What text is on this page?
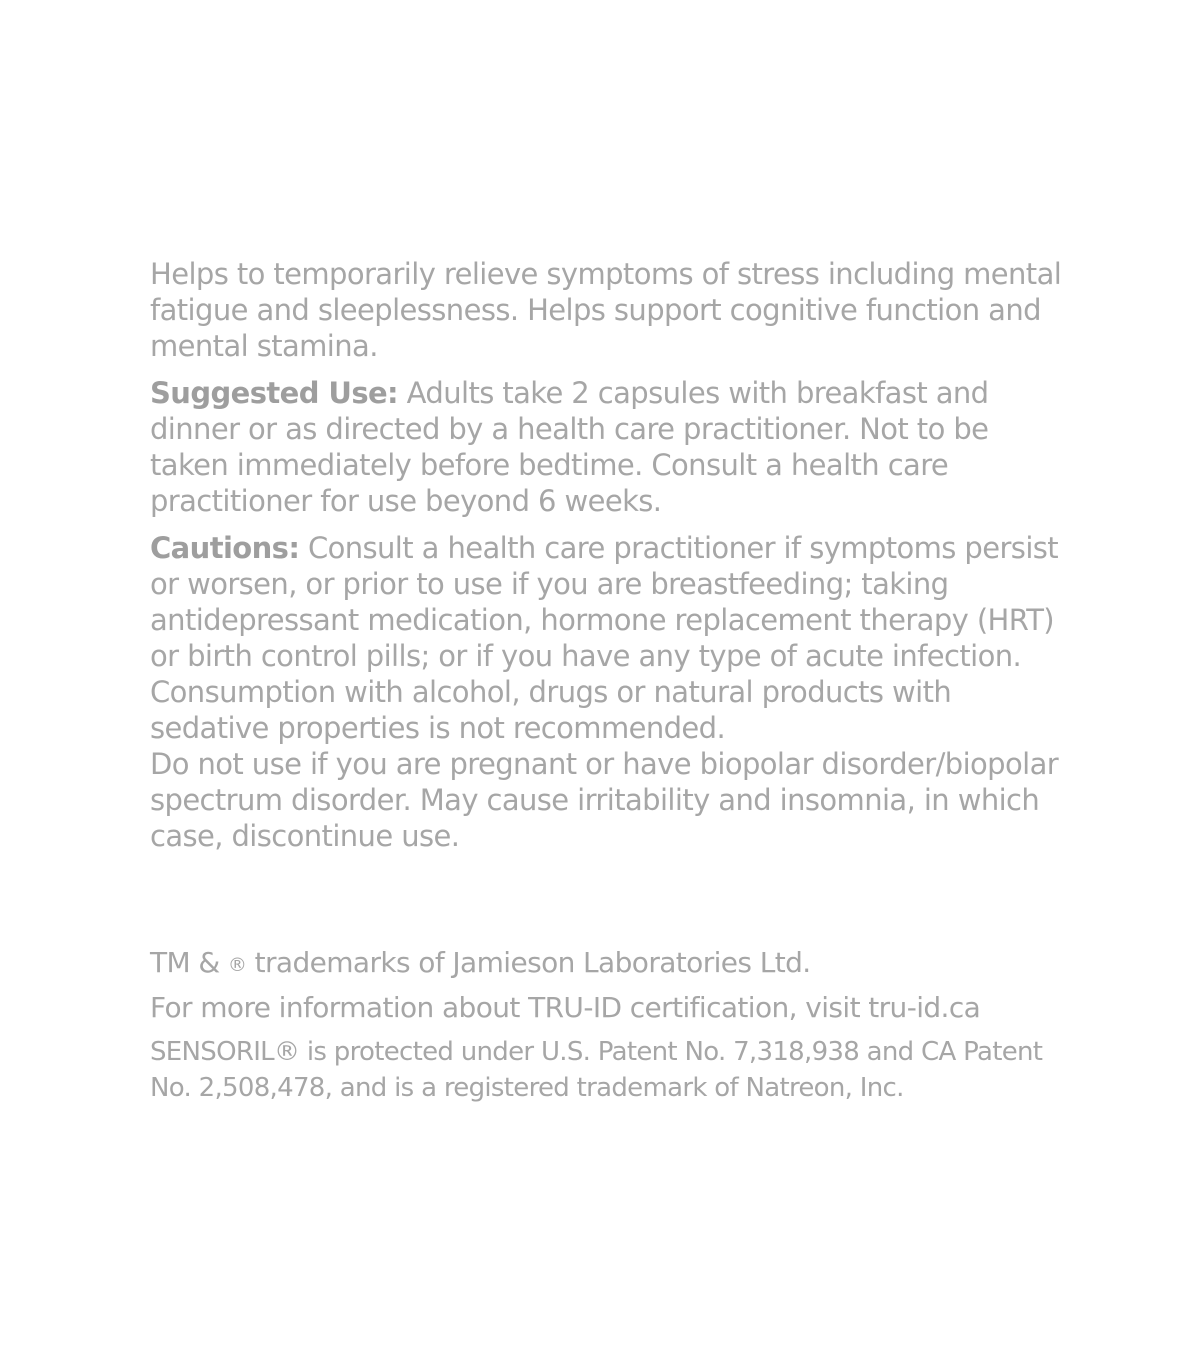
Helps to temporarily relieve symptoms of stress including mental fatigue and sleeplessness. Helps support cognitive function and mental stamina.

Suggested Use: Adults take 2 capsules with breakfast and dinner or as directed by a health care practitioner. Not to be taken immediately before bedtime. Consult a health care practitioner for use beyond 6 weeks.

Cautions: Consult a health care practitioner if symptoms persist or worsen, or prior to use if you are breastfeeding; taking antidepressant medication, hormone replacement therapy (HRT) or birth control pills; or if you have any type of acute infection. Consumption with alcohol, drugs or natural products with sedative properties is not recommended.

Do not use if you are pregnant or have biopolar disorder/biopolar spectrum disorder. May cause irritability and insomnia, in which case, discontinue use.

TM & ® trademarks of Jamieson Laboratories Ltd.

For more information about TRU-ID certification, visit tru-id.ca

SENSORIL® is protected under U.S. Patent No. 7,318,938 and CA Patent No. 2,508,478, and is a registered trademark of Natreon, Inc.
